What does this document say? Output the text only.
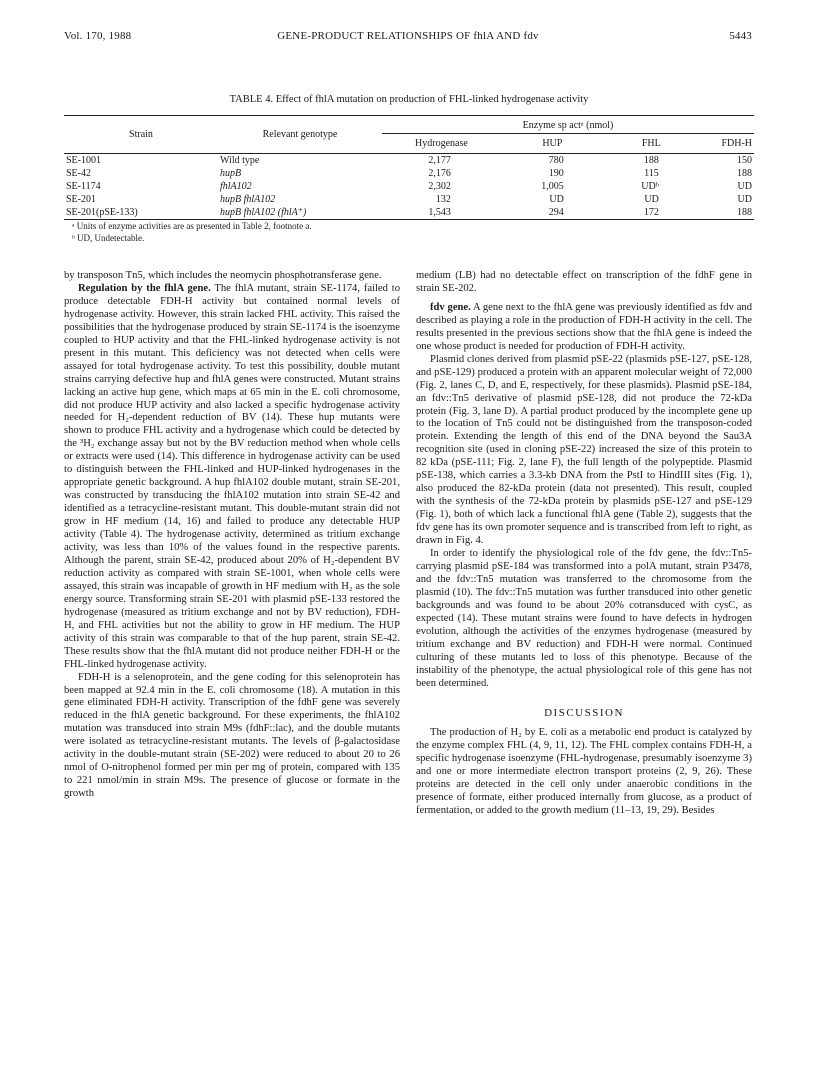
Vol. 170, 1988	GENE-PRODUCT RELATIONSHIPS OF fhlA AND fdv	5443
TABLE 4. Effect of fhlA mutation on production of FHL-linked hydrogenase activity
Strain	Relevant genotype	Enzyme sp actᵃ (nmol)			
		Hydrogenase	HUP	FHL	FDH-H

SE-1001	Wild type	2,177	780	188	150
SE-42	hupB	2,176	190	115	188
SE-1174	fhlA102	2,302	1,005	UDᵇ	UD
SE-201	hupB fhlA102	132	UD	UD	UD
SE-201(pSE-133)	hupB fhlA102 (fhlA⁺)	1,543	294	172	188
ᵃ Units of enzyme activities are as presented in Table 2, footnote a.
ᵇ UD, Undetectable.

by transposon Tn5, which includes the neomycin phosphotransferase gene.

Regulation by the fhlA gene. The fhlA mutant, strain SE-1174, failed to produce detectable FDH-H activity but contained normal levels of hydrogenase activity. However, this strain lacked FHL activity. This raised the possibilities that the hydrogenase produced by strain SE-1174 is the isoenzyme coupled to HUP activity and that the FHL-linked hydrogenase activity is not present in this mutant. This deficiency was not detected when cells were assayed for total hydrogenase activity. To test this possibility, double mutant strains carrying defective hup and fhlA genes were constructed. Mutant strains lacking an active hup gene, which maps at 65 min in the E. coli chromosome, did not produce HUP activity and also lacked a specific hydrogenase activity needed for H₂-dependent reduction of BV (14). These hup mutants were shown to produce FHL activity and a hydrogenase which could be detected by the ³H₂ exchange assay but not by the BV reduction method when whole cells or extracts were used (14). This difference in hydrogenase activity can be used to distinguish between the FHL-linked and HUP-linked hydrogenases in the appropriate genetic background. A hup fhlA102 double mutant, strain SE-201, was constructed by transducing the fhlA102 mutation into strain SE-42 and identified as a tetracycline-resistant mutant. This double-mutant strain did not grow in HF medium (14, 16) and failed to produce any detectable HUP activity (Table 4). The hydrogenase activity, determined as tritium exchange activity, was less than 10% of the values found in the respective parents. Although the parent, strain SE-42, produced about 20% of H₂-dependent BV reduction activity as compared with strain SE-1001, when whole cells were assayed, this strain was incapable of growth in HF medium with H₂ as the sole energy source. Transforming strain SE-201 with plasmid pSE-133 restored the hydrogenase (measured as tritium exchange and not by BV reduction), FDH-H, and FHL activities but not the ability to grow in HF medium. The HUP activity of this strain was comparable to that of the hup parent, strain SE-42. These results show that the fhlA mutant did not produce neither FDH-H or the FHL-linked hydrogenase activity.

FDH-H is a selenoprotein, and the gene coding for this selenoprotein has been mapped at 92.4 min in the E. coli chromosome (18). A mutation in this gene eliminated FDH-H activity. Transcription of the fdhF gene was severely reduced in the fhlA genetic background. For these experiments, the fhlA102 mutation was transduced into strain M9s (fdhF::lac), and the double mutants were isolated as tetracycline-resistant mutants. The levels of β-galactosidase activity in the double-mutant strain (SE-202) were reduced to about 20 to 26 nmol of O-nitrophenol formed per min per mg of protein, compared with 135 to 221 nmol/min in strain M9s. The presence of glucose or formate in the growth

medium (LB) had no detectable effect on transcription of the fdhF gene in strain SE-202.

fdv gene. A gene next to the fhlA gene was previously identified as fdv and described as playing a role in the production of FDH-H activity in the cell. The results presented in the previous sections show that the fhlA gene is indeed the one whose product is needed for production of FDH-H activity.

Plasmid clones derived from plasmid pSE-22 (plasmids pSE-127, pSE-128, and pSE-129) produced a protein with an apparent molecular weight of 72,000 (Fig. 2, lanes C, D, and E, respectively, for these plasmids). Plasmid pSE-184, an fdv::Tn5 derivative of plasmid pSE-128, did not produce the 72-kDa protein (Fig. 3, lane D). A partial product produced by the incomplete gene up to the location of Tn5 could not be distinguished from the transposon-coded protein. Extending the length of this end of the DNA beyond the Sau3A recognition site (used in cloning pSE-22) increased the size of this protein to 82 kDa (pSE-111; Fig. 2, lane F), the full length of the polypeptide. Plasmid pSE-138, which carries a 3.3-kb DNA from the PstI to HindIII sites (Fig. 1), also produced the 82-kDa protein (data not presented). This result, coupled with the synthesis of the 72-kDa protein by plasmids pSE-127 and pSE-129 (Fig. 1), both of which lack a functional fhlA gene (Table 2), suggests that the fdv gene has its own promoter sequence and is transcribed from left to right, as drawn in Fig. 4.

In order to identify the physiological role of the fdv gene, the fdv::Tn5-carrying plasmid pSE-184 was transformed into a polA mutant, strain P3478, and the fdv::Tn5 mutation was transferred to the chromosome from the plasmid (10). The fdv::Tn5 mutation was further transduced into other genetic backgrounds and was found to be about 20% cotransduced with cysC, as expected (14). These mutant strains were found to have defects in hydrogen evolution, although the activities of the enzymes hydrogenase (measured by tritium exchange and BV reduction) and FDH-H were normal. Continued culturing of these mutants led to loss of this phenotype. Because of the instability of the phenotype, the actual physiological role of this gene has not been determined.

DISCUSSION

The production of H₂ by E. coli as a metabolic end product is catalyzed by the enzyme complex FHL (4, 9, 11, 12). The FHL complex contains FDH-H, a specific hydrogenase isoenzyme (FHL-hydrogenase, presumably isoenzyme 3) and one or more intermediate electron transport proteins (2, 9, 26). These proteins are detected in the cell only under anaerobic conditions in the presence of formate, either produced internally from glucose, as a product of fermentation, or added to the growth medium (11–13, 19, 29). Besides
